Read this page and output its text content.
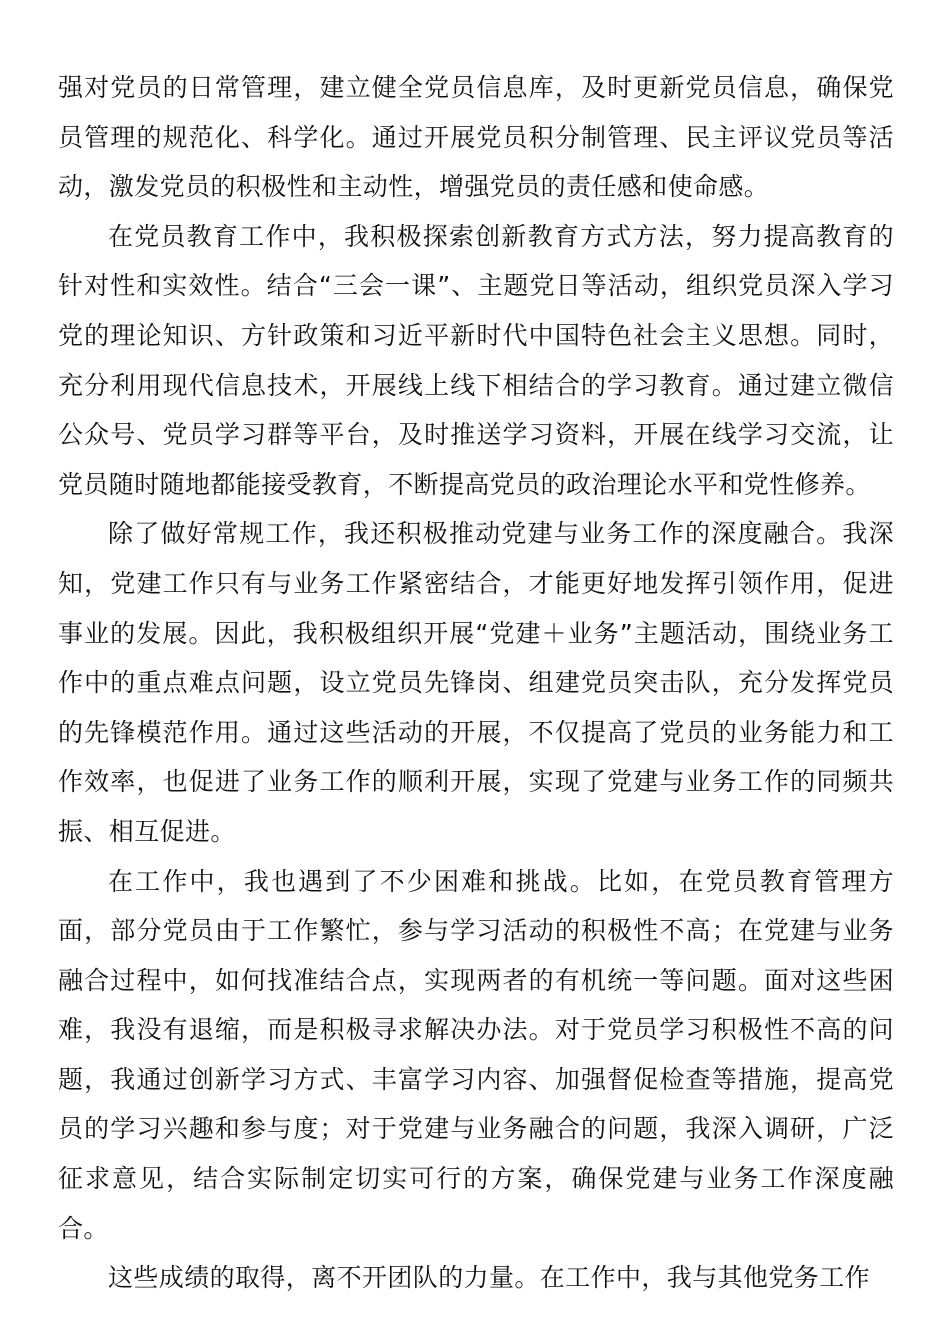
强对党员的日常管理，建立健全党员信息库，及时更新党员信息，确保党员管理的规范化、科学化。通过开展党员积分制管理、民主评议党员等活动，激发党员的积极性和主动性，增强党员的责任感和使命感。

在党员教育工作中，我积极探索创新教育方式方法，努力提高教育的针对性和实效性。结合“三会一课”、主题党日等活动，组织党员深入学习党的理论知识、方针政策和习近平新时代中国特色社会主义思想。同时，充分利用现代信息技术，开展线上线下相结合的学习教育。通过建立微信公众号、党员学习群等平台，及时推送学习资料，开展在线学习交流，让党员随时随地都能接受教育，不断提高党员的政治理论水平和党性修养。

除了做好常规工作，我还积极推动党建与业务工作的深度融合。我深知，党建工作只有与业务工作紧密结合，才能更好地发挥引领作用，促进事业的发展。因此，我积极组织开展“党建＋业务”主题活动，围绕业务工作中的重点难点问题，设立党员先锋岗、组建党员突击队，充分发挥党员的先锋模范作用。通过这些活动的开展，不仅提高了党员的业务能力和工作效率，也促进了业务工作的顺利开展，实现了党建与业务工作的同频共振、相互促进。

在工作中，我也遇到了不少困难和挑战。比如，在党员教育管理方面，部分党员由于工作繁忙，参与学习活动的积极性不高；在党建与业务融合过程中，如何找准结合点，实现两者的有机统一等问题。面对这些困难，我没有退缩，而是积极寻求解决办法。对于党员学习积极性不高的问题，我通过创新学习方式、丰富学习内容、加强督促检查等措施，提高党员的学习兴趣和参与度；对于党建与业务融合的问题，我深入调研，广泛征求意见，结合实际制定切实可行的方案，确保党建与业务工作深度融合。

这些成绩的取得，离不开团队的力量。在工作中，我与其他党务工作
